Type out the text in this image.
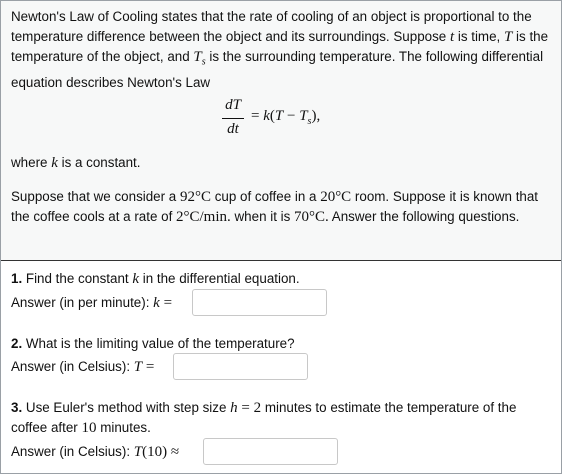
Newton's Law of Cooling states that the rate of cooling of an object is proportional to the temperature difference between the object and its surroundings. Suppose t is time, T is the temperature of the object, and $T_s$ is the surrounding temperature. The following differential equation describes Newton's Law

dT
dt
= $k(T - T_s)$,

where k is a constant.

Suppose that we consider a 92°C cup of coffee in a 20°C room. Suppose it is known that the coffee cools at a rate of 2°C/min. when it is 70°C. Answer the following questions.

1. Find the constant k in the differential equation.
Answer (in per minute): k =
2. What is the limiting value of the temperature?
Answer (in Celsius): T =
3. Use Euler's method with step size h = 2 minutes to estimate the temperature of the coffee after 10 minutes.
Answer (in Celsius): T(10) ≈
